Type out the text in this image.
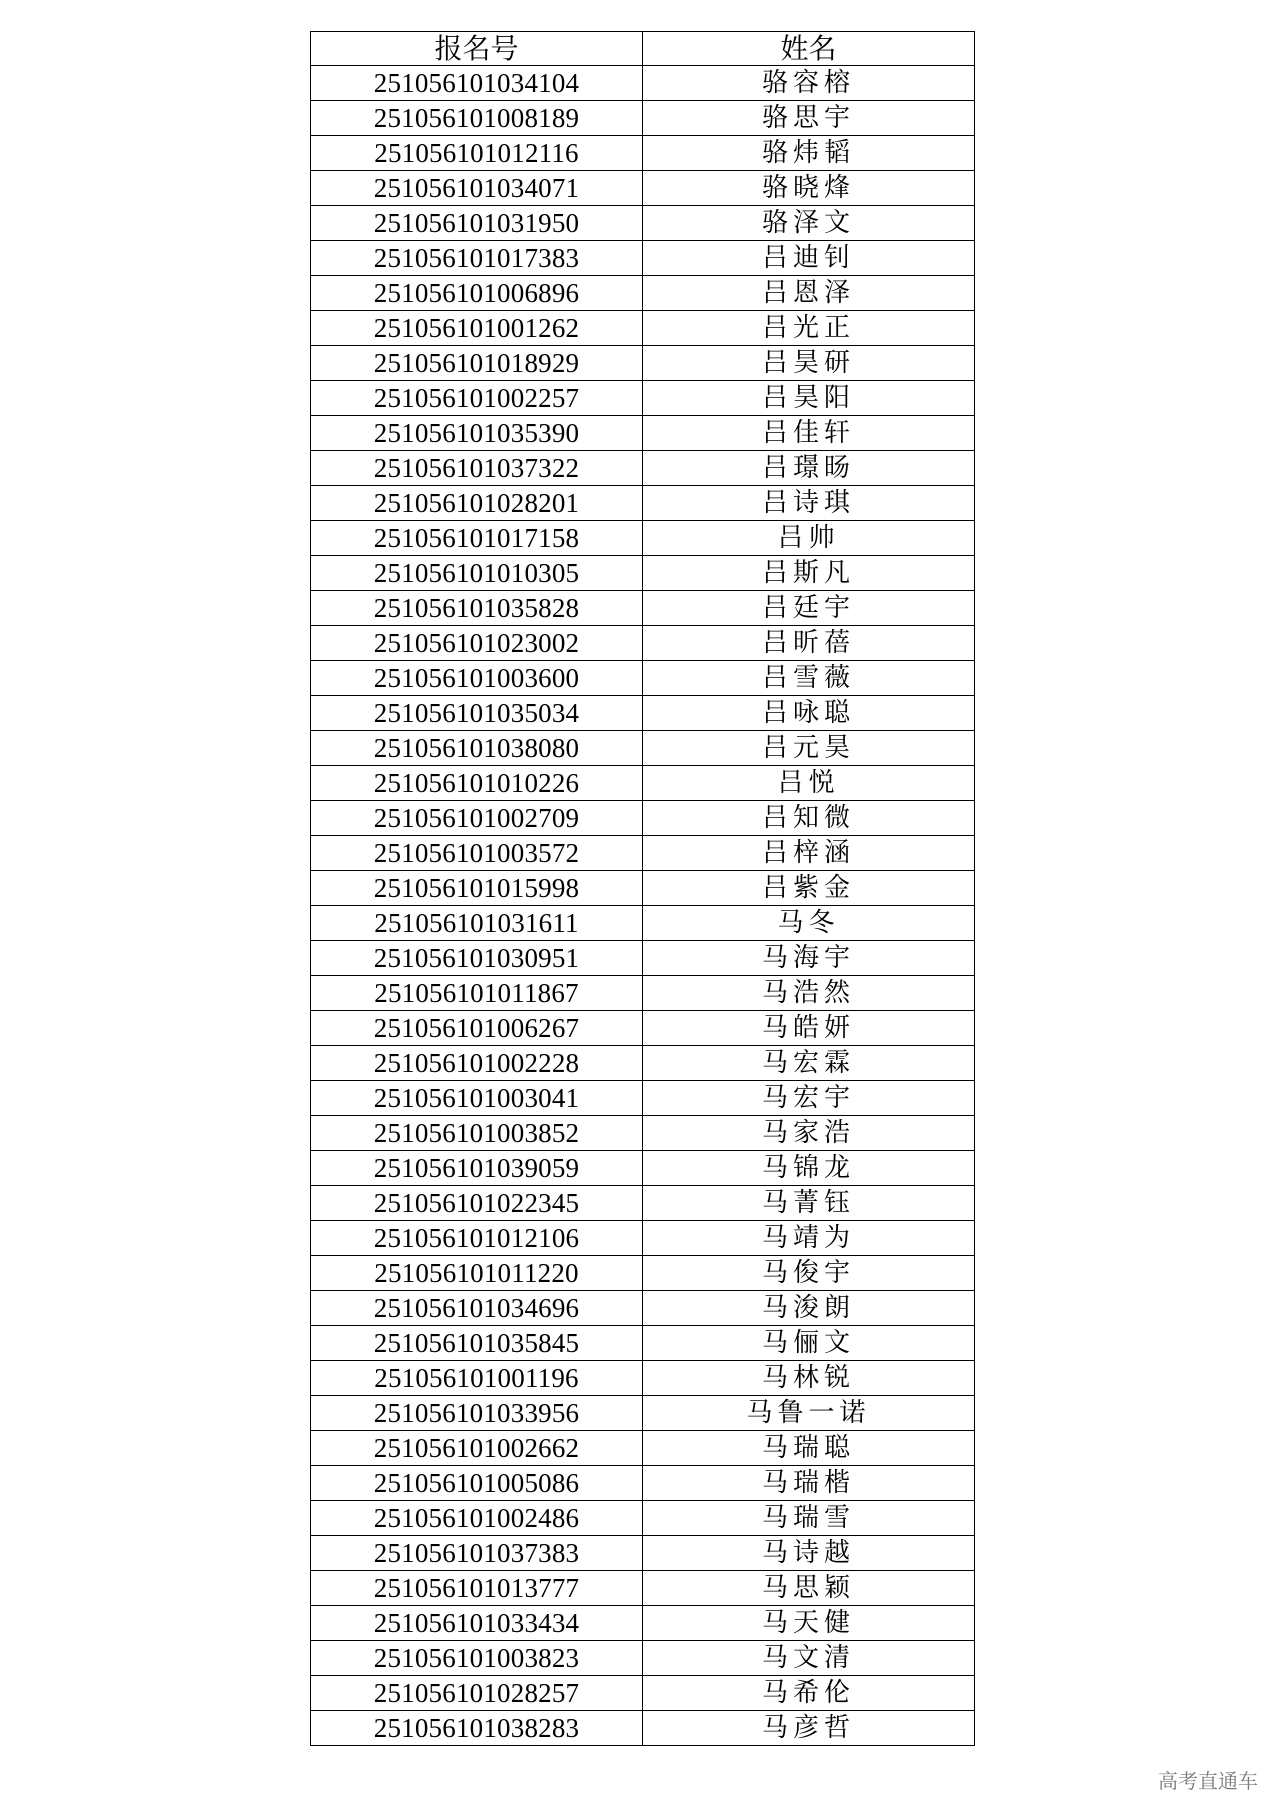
报名号	姓名
251056101034104	骆容榕
251056101008189	骆思宇
251056101012116	骆炜韬
251056101034071	骆晓烽
251056101031950	骆泽文
251056101017383	吕迪钊
251056101006896	吕恩泽
251056101001262	吕光正
251056101018929	吕昊研
251056101002257	吕昊阳
251056101035390	吕佳轩
251056101037322	吕璟旸
251056101028201	吕诗琪
251056101017158	吕帅
251056101010305	吕斯凡
251056101035828	吕廷宇
251056101023002	吕昕蓓
251056101003600	吕雪薇
251056101035034	吕咏聪
251056101038080	吕元昊
251056101010226	吕悦
251056101002709	吕知微
251056101003572	吕梓涵
251056101015998	吕紫金
251056101031611	马冬
251056101030951	马海宇
251056101011867	马浩然
251056101006267	马皓妍
251056101002228	马宏霖
251056101003041	马宏宇
251056101003852	马家浩
251056101039059	马锦龙
251056101022345	马菁钰
251056101012106	马靖为
251056101011220	马俊宇
251056101034696	马浚朗
251056101035845	马俪文
251056101001196	马林锐
251056101033956	马鲁一诺
251056101002662	马瑞聪
251056101005086	马瑞楷
251056101002486	马瑞雪
251056101037383	马诗越
251056101013777	马思颖
251056101033434	马天健
251056101003823	马文清
251056101028257	马希伦
251056101038283	马彦哲
高考直通车
